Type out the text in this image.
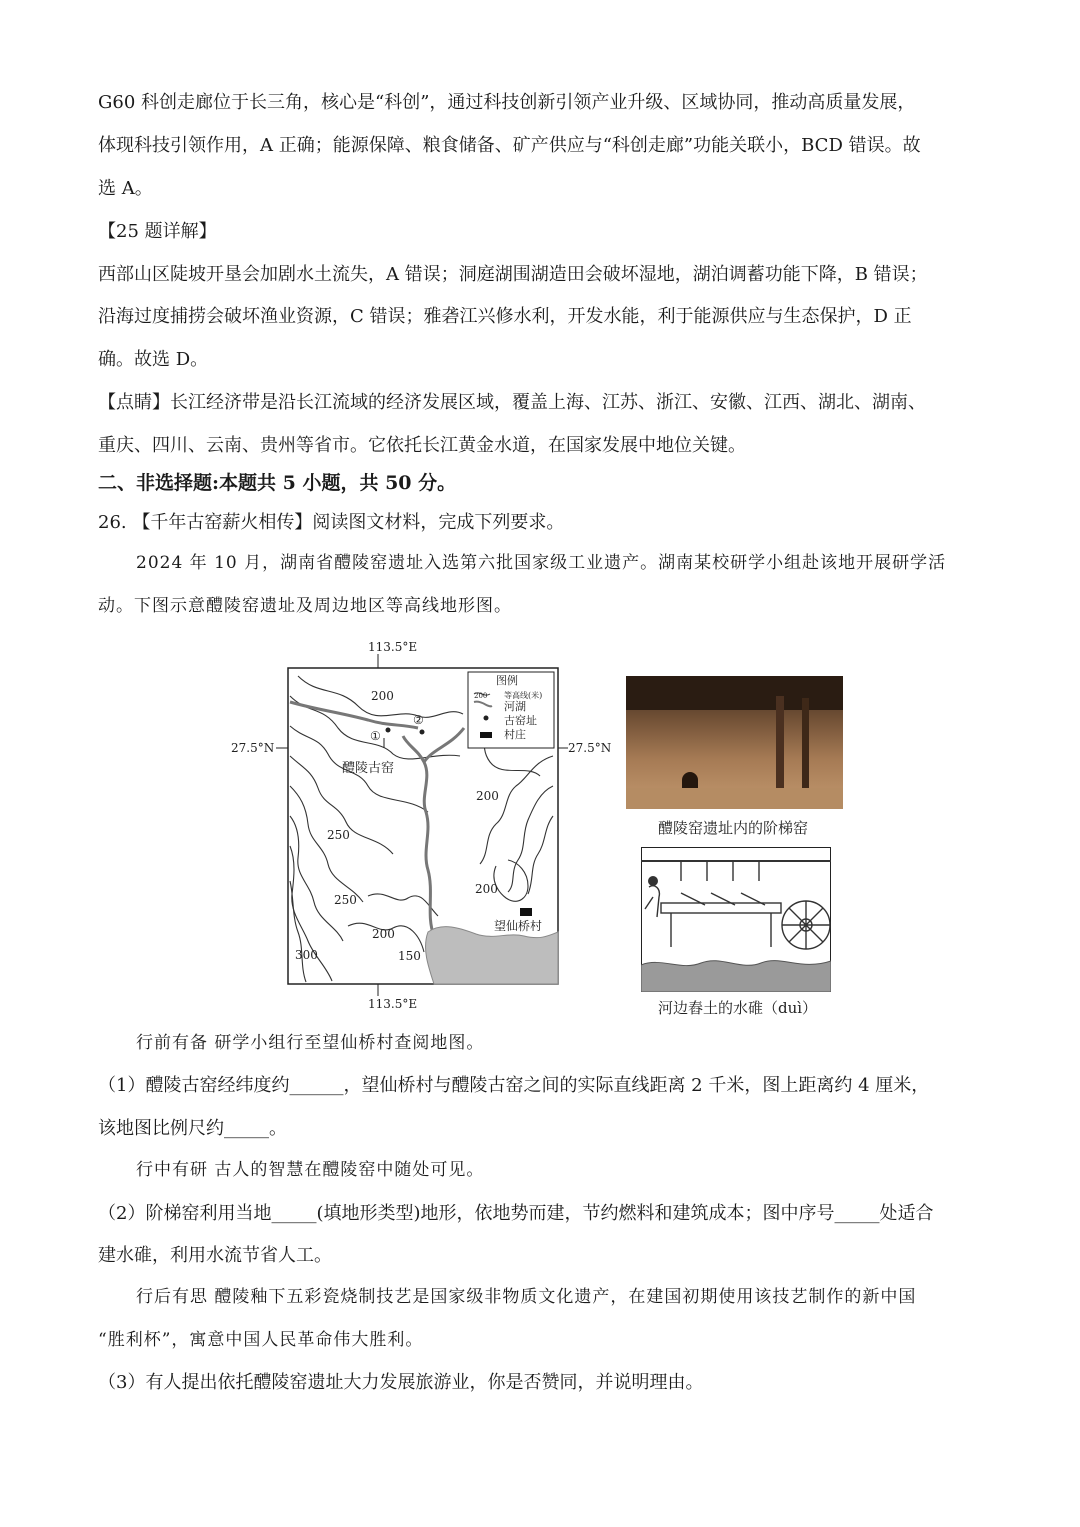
G60 科创走廊位于长三角，核心是“科创”，通过科技创新引领产业升级、区域协同，推动高质量发展，
体现科技引领作用，A 正确；能源保障、粮食储备、矿产供应与“科创走廊”功能关联小，BCD 错误。故
选 A。
【25 题详解】
西部山区陡坡开垦会加剧水土流失，A 错误；洞庭湖围湖造田会破坏湿地，湖泊调蓄功能下降，B 错误；
沿海过度捕捞会破坏渔业资源，C 错误；雅砻江兴修水利，开发水能，利于能源供应与生态保护，D 正
确。故选 D。
【点睛】长江经济带是沿长江流域的经济发展区域，覆盖上海、江苏、浙江、安徽、江西、湖北、湖南、
重庆、四川、云南、贵州等省市。它依托长江黄金水道，在国家发展中地位关键。
二、非选择题:本题共 5 小题，共 50 分。
26. 【千年古窑薪火相传】阅读图文材料，完成下列要求。
2024 年 10 月，湖南省醴陵窑遗址入选第六批国家级工业遗产。湖南某校研学小组赴该地开展研学活
动。下图示意醴陵窑遗址及周边地区等高线地形图。
图例
200 等高线(米)
河湖
古窑址
村庄
113.5°E
113.5°E
27.5°N	27.5°N
①
②
醴陵古窑
望仙桥村
200
250
200
200
250
200
300	150
醴陵窑遗址内的阶梯窑
河边舂土的水碓（duì）
行前有备 研学小组行至望仙桥村查阅地图。
（1）醴陵古窑经纬度约______，望仙桥村与醴陵古窑之间的实际直线距离 2 千米，图上距离约 4 厘米，
该地图比例尺约_____。
行中有研 古人的智慧在醴陵窑中随处可见。
（2）阶梯窑利用当地_____(填地形类型)地形，依地势而建，节约燃料和建筑成本；图中序号_____处适合
建水碓，利用水流节省人工。
行后有思 醴陵釉下五彩瓷烧制技艺是国家级非物质文化遗产，在建国初期使用该技艺制作的新中国
“胜利杯”，寓意中国人民革命伟大胜利。
（3）有人提出依托醴陵窑遗址大力发展旅游业，你是否赞同，并说明理由。
